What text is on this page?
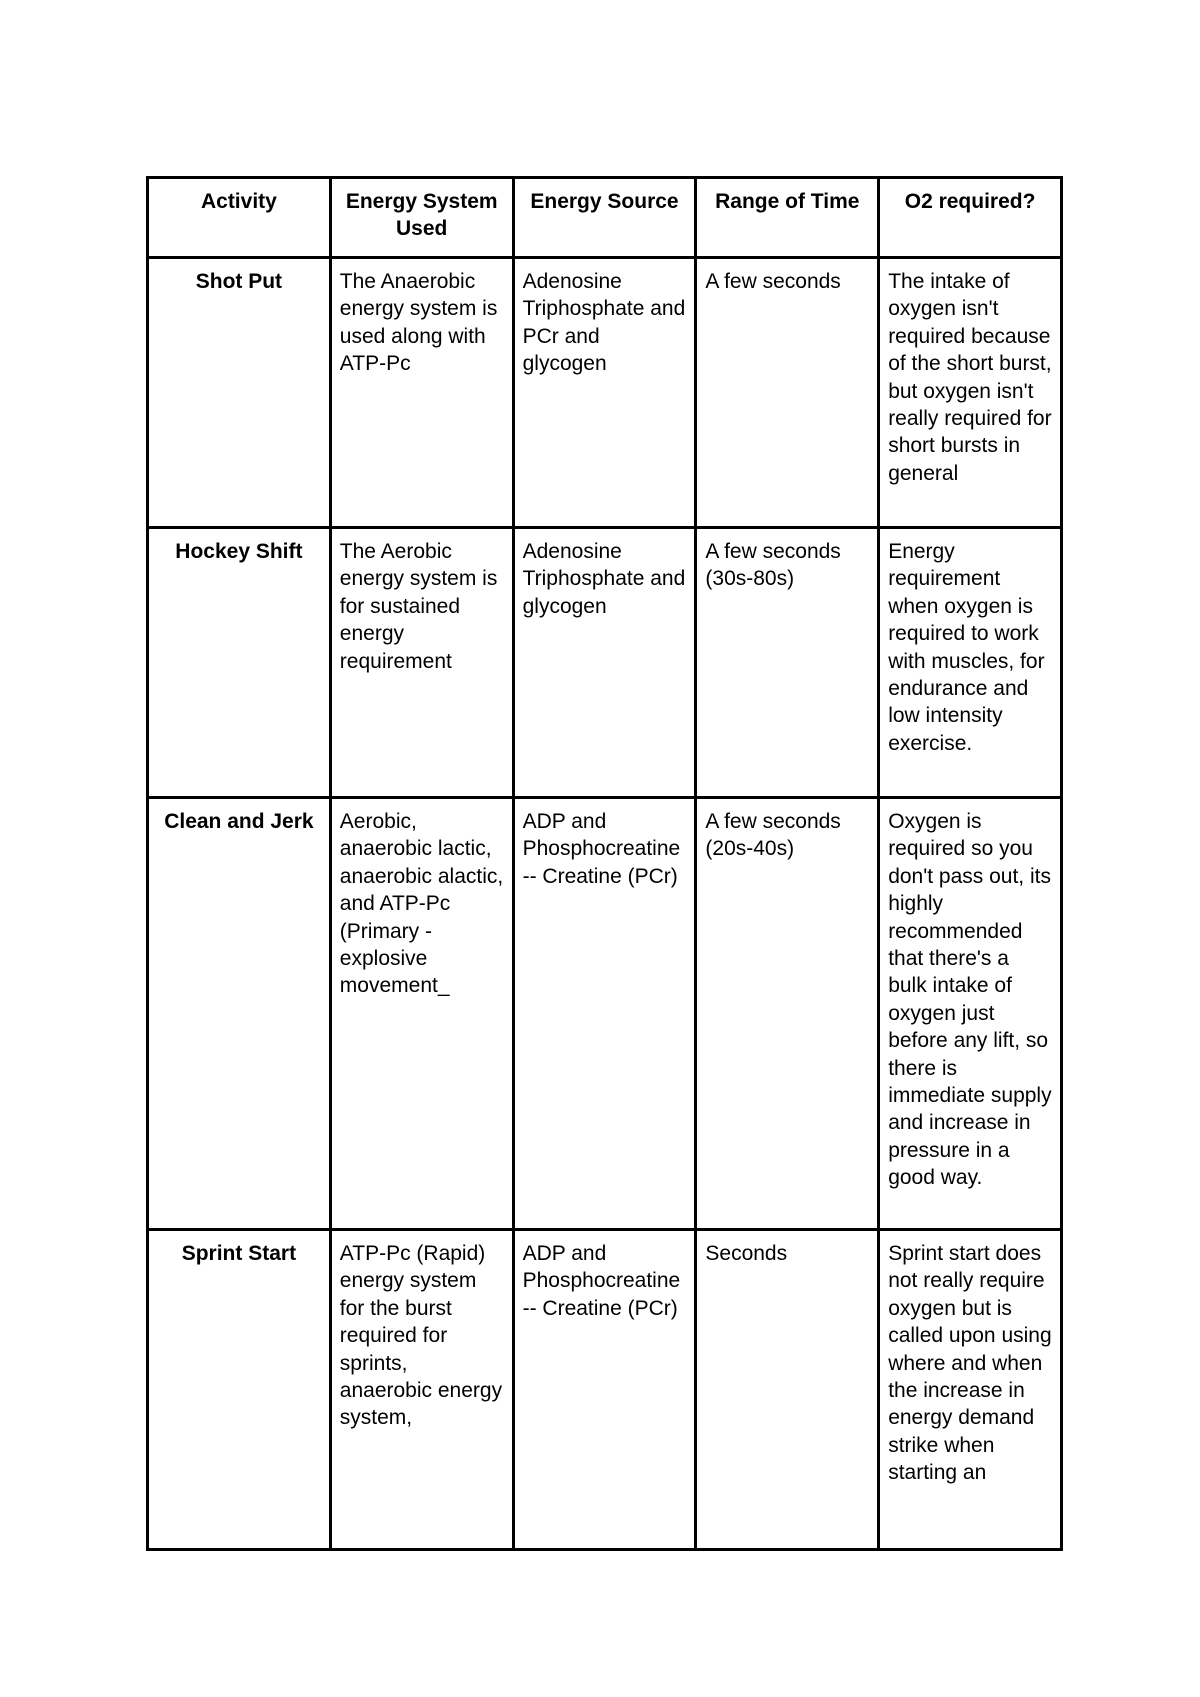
Activity	Energy System Used	Energy Source	Range of Time	O2 required?
Shot Put	The Anaerobic energy system is used along with ATP-Pc	Adenosine Triphosphate and PCr and glycogen	A few seconds	The intake of oxygen isn't required because of the short burst, but oxygen isn't really required for short bursts in general
Hockey Shift	The Aerobic energy system is for sustained energy requirement	Adenosine Triphosphate and glycogen	A few seconds (30s-80s)	Energy requirement when oxygen is required to work with muscles, for endurance and low intensity exercise.
Clean and Jerk	Aerobic, anaerobic lactic, anaerobic alactic, and ATP-Pc (Primary - explosive movement_	ADP and Phosphocreatine -- Creatine (PCr)	A few seconds (20s-40s)	Oxygen is required so you don't pass out, its highly recommended that there's a bulk intake of oxygen just before any lift, so there is immediate supply and increase in pressure in a good way.
Sprint Start	ATP-Pc (Rapid) energy system for the burst required for sprints, anaerobic energy system,	ADP and Phosphocreatine -- Creatine (PCr)	Seconds	Sprint start does not really require oxygen but is called upon using where and when the increase in energy demand strike when starting an
